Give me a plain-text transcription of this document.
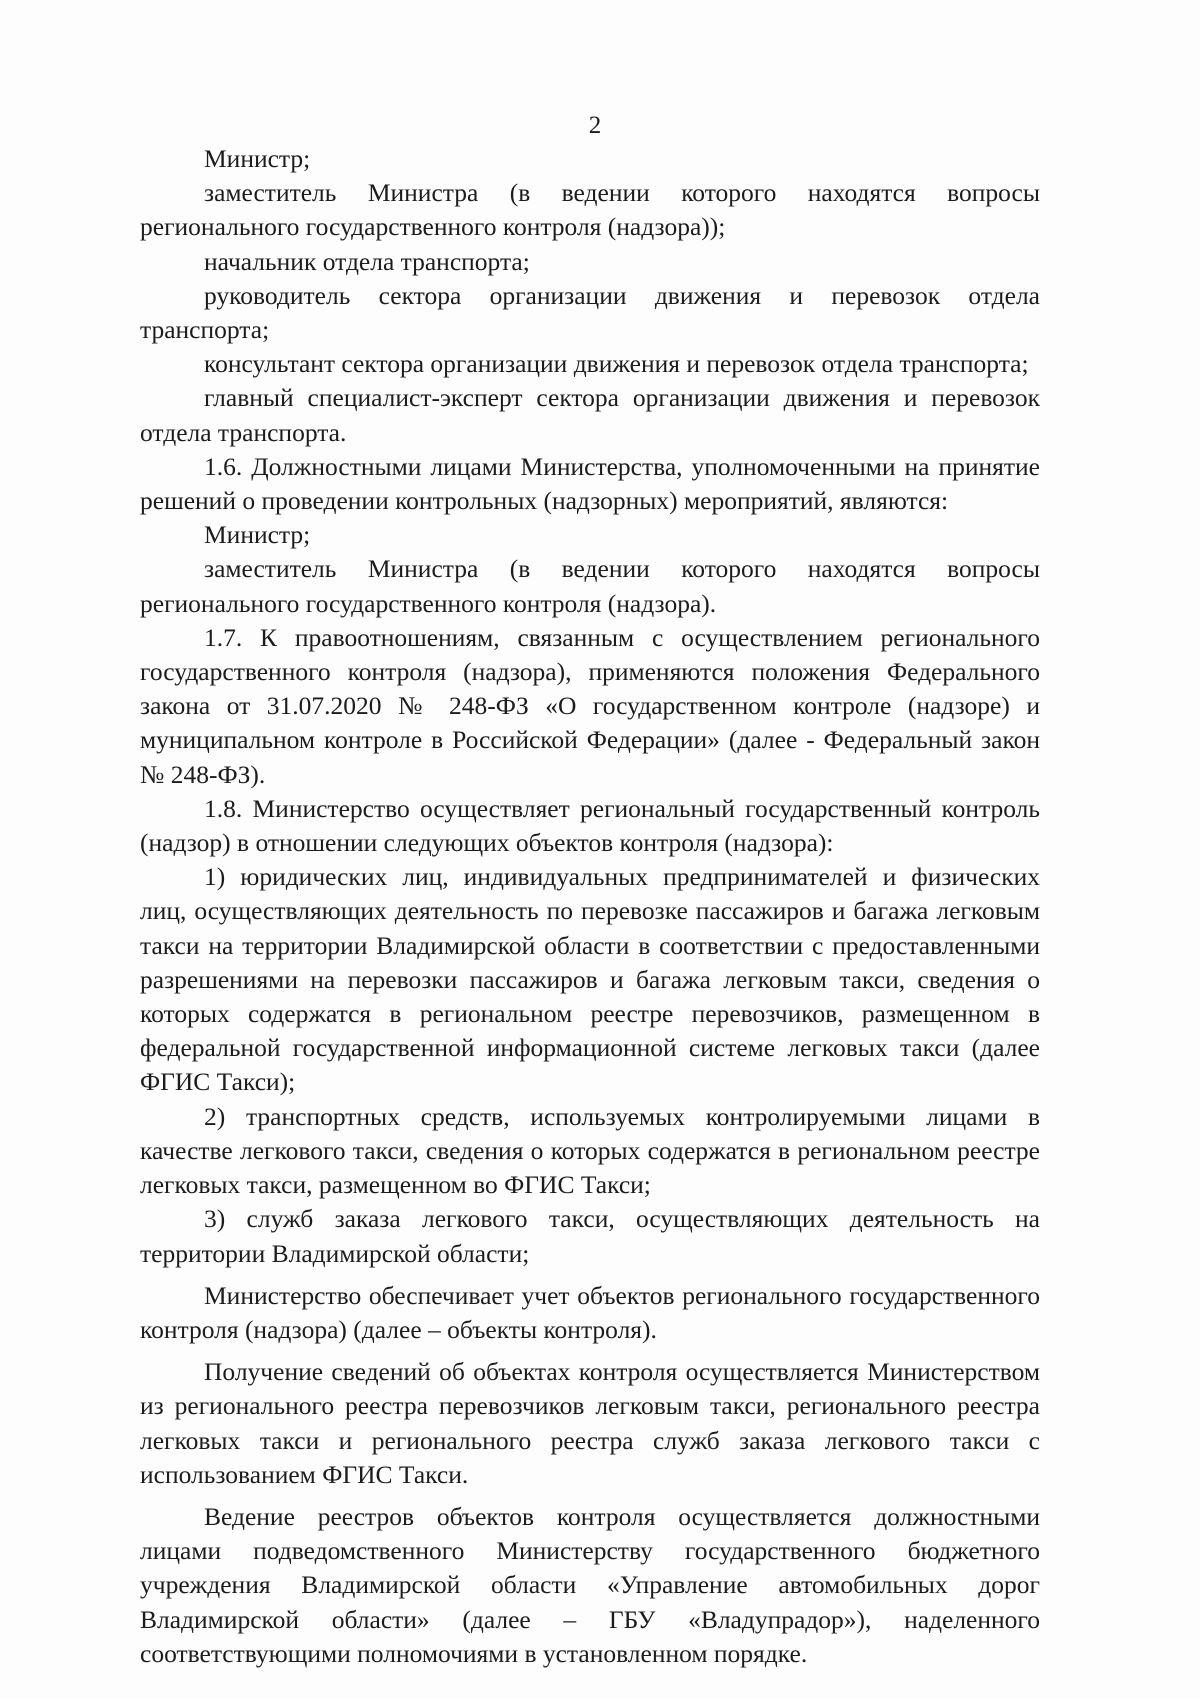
2

Министр;

заместитель Министра (в ведении которого находятся вопросы регионального государственного контроля (надзора));

начальник отдела транспорта;

руководитель сектора организации движения и перевозок отдела транспорта;

консультант сектора организации движения и перевозок отдела транспорта;

главный специалист-эксперт сектора организации движения и перевозок отдела транспорта.

1.6. Должностными лицами Министерства, уполномоченными на принятие решений о проведении контрольных (надзорных) мероприятий, являются:

Министр;

заместитель Министра (в ведении которого находятся вопросы регионального государственного контроля (надзора).

1.7. К правоотношениям, связанным с осуществлением регионального государственного контроля (надзора), применяются положения Федерального закона от 31.07.2020 № 248-ФЗ «О государственном контроле (надзоре) и муниципальном контроле в Российской Федерации» (далее - Федеральный закон № 248-ФЗ).

1.8. Министерство осуществляет региональный государственный контроль (надзор) в отношении следующих объектов контроля (надзора):

1) юридических лиц, индивидуальных предпринимателей и физических лиц, осуществляющих деятельность по перевозке пассажиров и багажа легковым такси на территории Владимирской области в соответствии с предоставленными разрешениями на перевозки пассажиров и багажа легковым такси, сведения о которых содержатся в региональном реестре перевозчиков, размещенном в федеральной государственной информационной системе легковых такси (далее ФГИС Такси);

2) транспортных средств, используемых контролируемыми лицами в качестве легкового такси, сведения о которых содержатся в региональном реестре легковых такси, размещенном во ФГИС Такси;

3) служб заказа легкового такси, осуществляющих деятельность на территории Владимирской области;

Министерство обеспечивает учет объектов регионального государственного контроля (надзора) (далее – объекты контроля).

Получение сведений об объектах контроля осуществляется Министерством из регионального реестра перевозчиков легковым такси, регионального реестра легковых такси и регионального реестра служб заказа легкового такси с использованием ФГИС Такси.

Ведение реестров объектов контроля осуществляется должностными лицами подведомственного Министерству государственного бюджетного учреждения Владимирской области «Управление автомобильных дорог Владимирской области» (далее – ГБУ «Владупрадор»), наделенного соответствующими полномочиями в установленном порядке.
